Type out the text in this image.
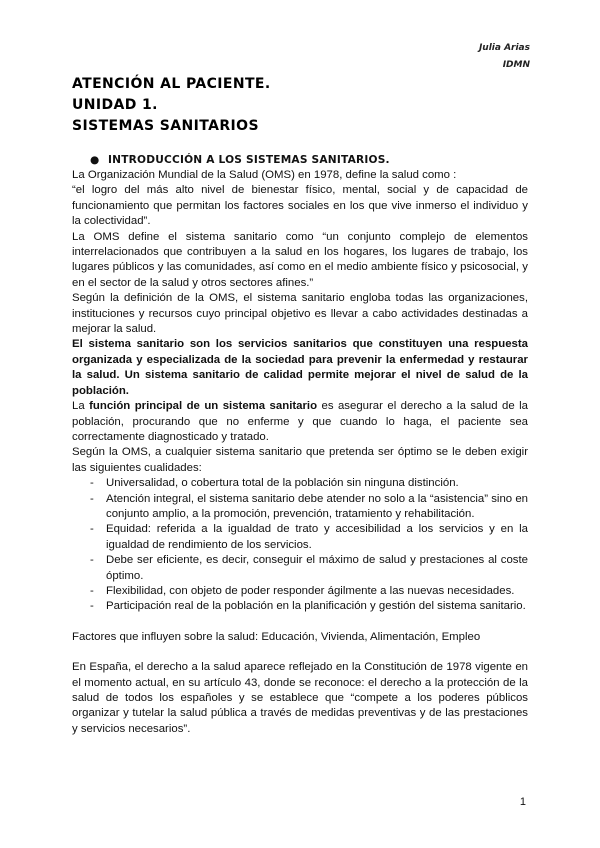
Julia Arias
IDMN
ATENCIÓN AL PACIENTE.
UNIDAD 1.
SISTEMAS SANITARIOS
● INTRODUCCIÓN A LOS SISTEMAS SANITARIOS.

La Organización Mundial de la Salud (OMS) en 1978, define la salud como :

“el logro del más alto nivel de bienestar físico, mental, social y de capacidad de funcionamiento que permitan los factores sociales en los que vive inmerso el individuo y la colectividad”.

La OMS define el sistema sanitario como “un conjunto complejo de elementos interrelacionados que contribuyen a la salud en los hogares, los lugares de trabajo, los lugares públicos y las comunidades, así como en el medio ambiente físico y psicosocial, y en el sector de la salud y otros sectores afines.”

Según la definición de la OMS, el sistema sanitario engloba todas las organizaciones, instituciones y recursos cuyo principal objetivo es llevar a cabo actividades destinadas a mejorar la salud.

El sistema sanitario son los servicios sanitarios que constituyen una respuesta organizada y especializada de la sociedad para prevenir la enfermedad y restaurar la salud. Un sistema sanitario de calidad permite mejorar el nivel de salud de la población.

La función principal de un sistema sanitario es asegurar el derecho a la salud de la población, procurando que no enferme y que cuando lo haga, el paciente sea correctamente diagnosticado y tratado.

Según la OMS, a cualquier sistema sanitario que pretenda ser óptimo se le deben exigir las siguientes cualidades:

- Universalidad, o cobertura total de la población sin ninguna distinción.
- Atención integral, el sistema sanitario debe atender no solo a la “asistencia” sino en conjunto amplio, a la promoción, prevención, tratamiento y rehabilitación.
- Equidad: referida a la igualdad de trato y accesibilidad a los servicios y en la igualdad de rendimiento de los servicios.
- Debe ser eficiente, es decir, conseguir el máximo de salud y prestaciones al coste óptimo.
- Flexibilidad, con objeto de poder responder ágilmente a las nuevas necesidades.
- Participación real de la población en la planificación y gestión del sistema sanitario.

Factores que influyen sobre la salud: Educación, Vivienda, Alimentación, Empleo

En España, el derecho a la salud aparece reflejado en la Constitución de 1978 vigente en el momento actual, en su artículo 43, donde se reconoce: el derecho a la protección de la salud de todos los españoles y se establece que “compete a los poderes públicos organizar y tutelar la salud pública a través de medidas preventivas y de las prestaciones y servicios necesarios”.

1
